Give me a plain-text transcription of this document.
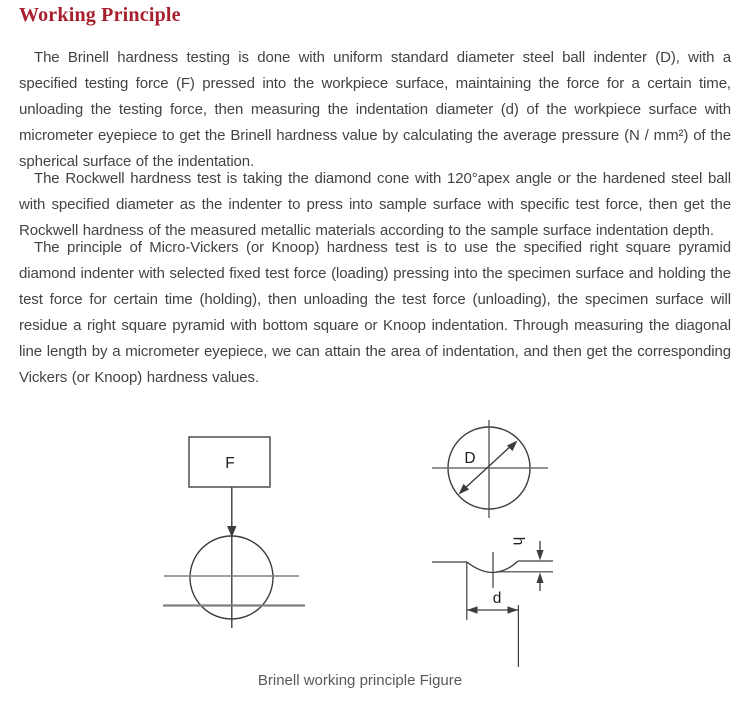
Working Principle

The Brinell hardness testing is done with uniform standard diameter steel ball indenter (D), with a specified testing force (F) pressed into the workpiece surface, maintaining the force for a certain time, unloading the testing force, then measuring the indentation diameter (d) of the workpiece surface with micrometer eyepiece to get the Brinell hardness value by calculating the average pressure (N / mm²) of the spherical surface of the indentation.

The Rockwell hardness test is taking the diamond cone with 120°apex angle or the hardened steel ball with specified diameter as the indenter to press into sample surface with specific test force, then get the Rockwell hardness of the measured metallic materials according to the sample surface indentation depth.

The principle of Micro-Vickers (or Knoop) hardness test is to use the specified right square pyramid diamond indenter with selected fixed test force (loading) pressing into the specimen surface and holding the test force for certain time (holding), then unloading the test force (unloading), the specimen surface will residue a right square pyramid with bottom square or Knoop indentation. Through measuring the diagonal line length by a micrometer eyepiece, we can attain the area of indentation, and then get the corresponding Vickers (or Knoop) hardness values.

F	D
h
d
Brinell working principle Figure
